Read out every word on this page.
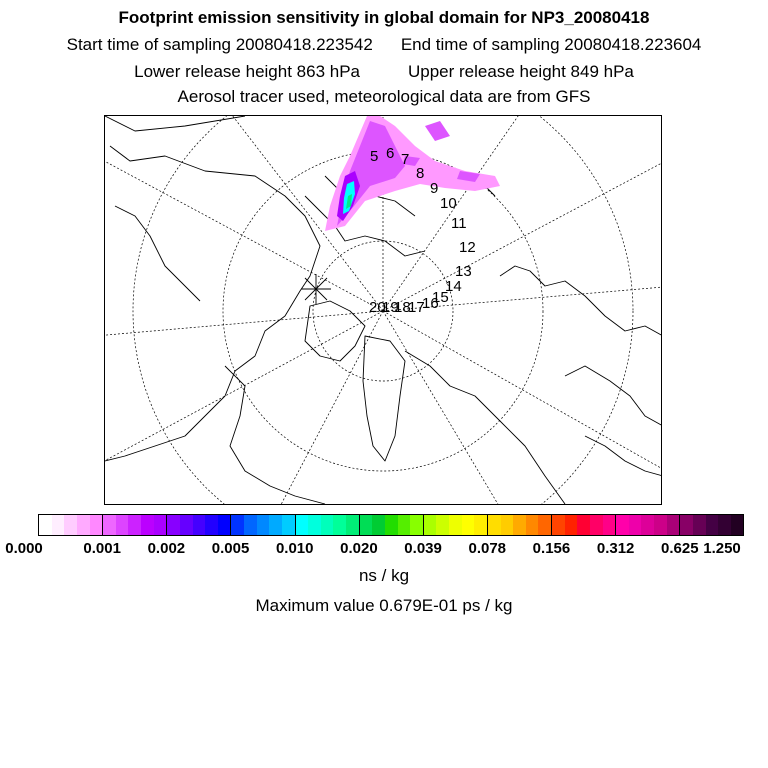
Footprint emission sensitivity in global domain for NP3_20080418
Start time of sampling 20080418.223542 End time of sampling 20080418.223604
Lower release height 863 hPa	Upper release height 849 hPa
Aerosol tracer used, meteorological data are from GFS
5 6 7
8
9
10
11
12
13
14
15
16
17
18
19
20
0.000	0.001 0.002 0.005 0.010 0.020 0.039 0.078 0.156 0.312 0.625 1.250
ns / kg
Maximum value 0.679E-01 ps / kg
